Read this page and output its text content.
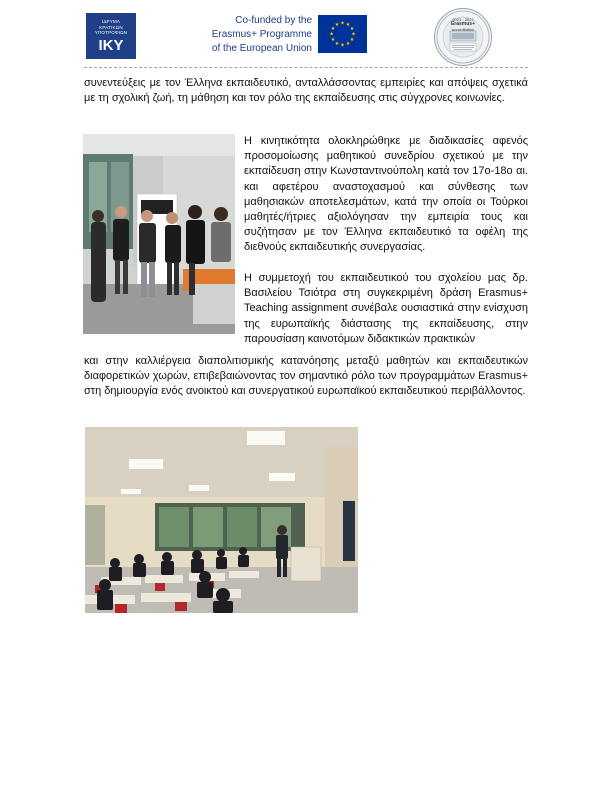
ΙΔΡΥΜΑ
ΚΡΑΤΙΚΩΝ
ΥΠΟΤΡΟΦΙΩΝ
IKY
Co-funded by the
Erasmus+ Programme
of the European Union
★ ★
★
★
★
★
★
★
★
★
★
★
2021 - 2027
Erasmus+
accreditation

συνεντεύξεις με τον Έλληνα εκπαιδευτικό, ανταλλάσσοντας εμπειρίες και απόψεις σχετικά με τη σχολική ζωή, τη μάθηση και τον ρόλο της εκπαίδευσης στις σύγχρονες κοινωνίες.

Η κινητικότητα ολοκληρώθηκε με διαδικασίες αφενός προσομοίωσης μαθητικού συνεδρίου σχετικού με την εκπαίδευση στην Κωνσταντινούπολη κατά τον 17ο-18ο αι. και αφετέρου αναστοχασμού και σύνθεσης των μαθησιακών αποτελεσμάτων, κατά την οποία οι Τούρκοι μαθητές/ήτριες αξιολόγησαν την εμπειρία τους και συζήτησαν με τον Έλληνα εκπαιδευτικό τα οφέλη της διεθνούς εκπαιδευτικής συνεργασίας.

Η συμμετοχή του εκπαιδευτικού του σχολείου μας δρ. Βασιλείου Τσιότρα στη συγκεκριμένη δράση Erasmus+ Teaching assignment συνέβαλε ουσιαστικά στην ενίσχυση της ευρωπαϊκής διάστασης της εκπαίδευσης, στην παρουσίαση καινοτόμων διδακτικών πρακτικών

και στην καλλιέργεια διαπολιτισμικής κατανόησης μεταξύ μαθητών και εκπαιδευτικών διαφορετικών χωρών, επιβεβαιώνοντας τον σημαντικό ρόλο των προγραμμάτων Erasmus+ στη δημιουργία ενός ανοικτού και συνεργατικού ευρωπαϊκού εκπαιδευτικού περιβάλλοντος.
